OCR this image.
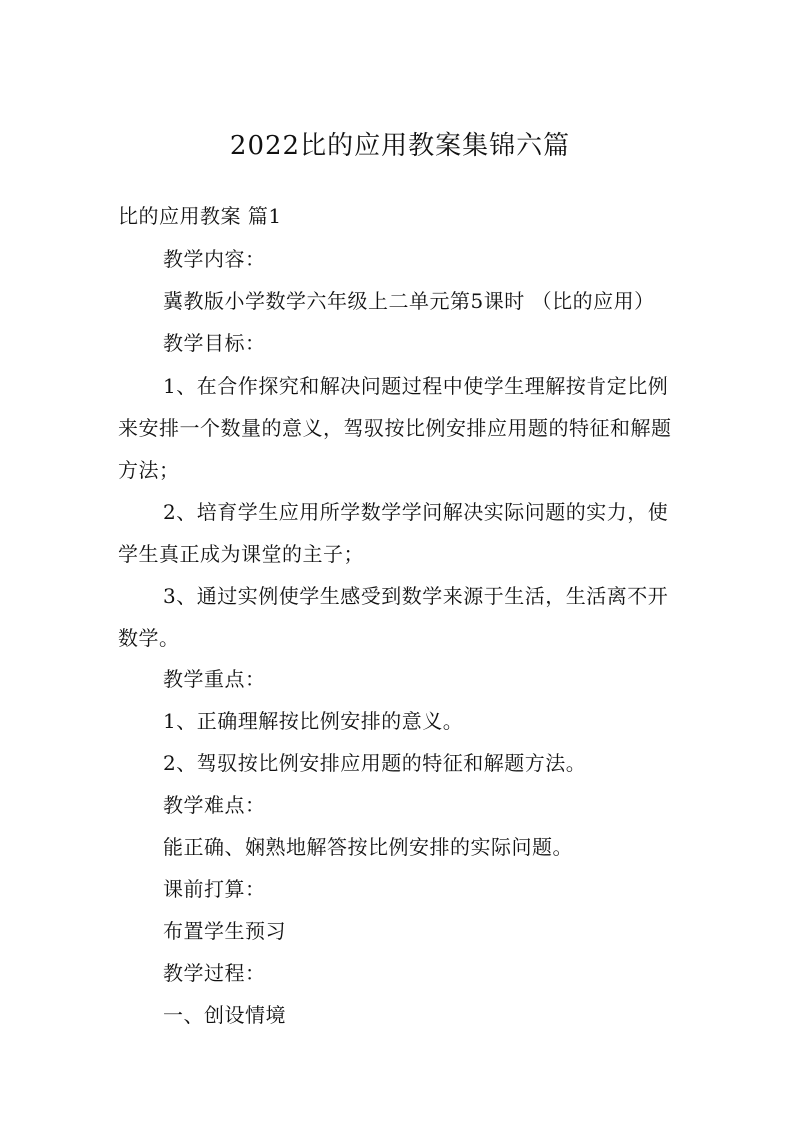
2022比的应用教案集锦六篇
比的应用教案 篇1
教学内容：
冀教版小学数学六年级上二单元第5课时 （比的应用）
教学目标：
1、在合作探究和解决问题过程中使学生理解按肯定比例来安排一个数量的意义，驾驭按比例安排应用题的特征和解题方法；
2、培育学生应用所学数学学问解决实际问题的实力，使学生真正成为课堂的主子；
3、通过实例使学生感受到数学来源于生活，生活离不开数学。
教学重点：
1、正确理解按比例安排的意义。
2、驾驭按比例安排应用题的特征和解题方法。
教学难点：
能正确、娴熟地解答按比例安排的实际问题。
课前打算：
布置学生预习
教学过程：
一、创设情境
